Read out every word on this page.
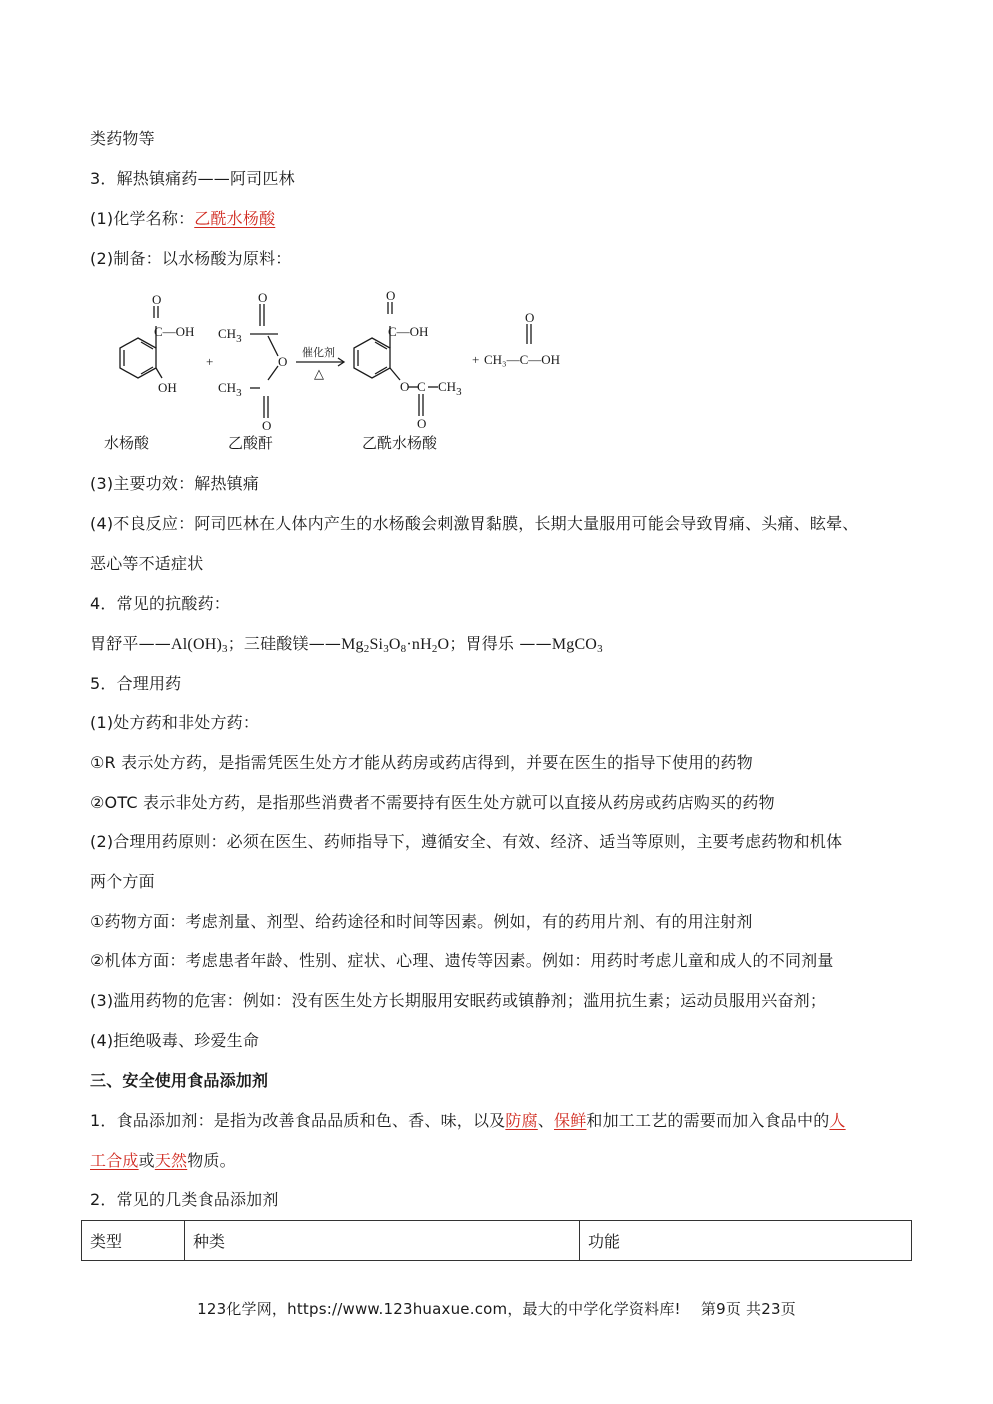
类药物等
3．解热镇痛药——阿司匹林
(1)化学名称：乙酰水杨酸
(2)制备：以水杨酸为原料：
O
C—OH
OH
+
O
$CH_3$
O
$CH_3$
O
催化剂
△
O
C—OH
O C $CH_3$
O
+
O
CH₃—C—OH
水杨酸	乙酸酐	乙酰水杨酸
(3)主要功效：解热镇痛
(4)不良反应：阿司匹林在人体内产生的水杨酸会刺激胃黏膜，长期大量服用可能会导致胃痛、头痛、眩晕、
恶心等不适症状
4．常见的抗酸药：
胃舒平$——Al(OH)_3$；三硅酸镁$——Mg_2Si_3O_8\cdot nH_2O$；胃得乐 ——MgCO$_3$
5．合理用药
(1)处方药和非处方药：
①R 表示处方药，是指需凭医生处方才能从药房或药店得到，并要在医生的指导下使用的药物
②OTC 表示非处方药，是指那些消费者不需要持有医生处方就可以直接从药房或药店购买的药物
(2)合理用药原则：必须在医生、药师指导下，遵循安全、有效、经济、适当等原则，主要考虑药物和机体
两个方面
①药物方面：考虑剂量、剂型、给药途径和时间等因素。例如，有的药用片剂、有的用注射剂
②机体方面：考虑患者年龄、性别、症状、心理、遗传等因素。例如：用药时考虑儿童和成人的不同剂量
(3)滥用药物的危害：例如：没有医生处方长期服用安眠药或镇静剂；滥用抗生素；运动员服用兴奋剂；
(4)拒绝吸毒、珍爱生命
三、安全使用食品添加剂
1．食品添加剂：是指为改善食品品质和色、香、味，以及防腐、保鲜和加工工艺的需要而加入食品中的人
工合成或天然物质。
2．常见的几类食品添加剂
类型	种类	功能
123化学网，https://www.123huaxue.com，最大的中学化学资料库!　 第9页 共23页
